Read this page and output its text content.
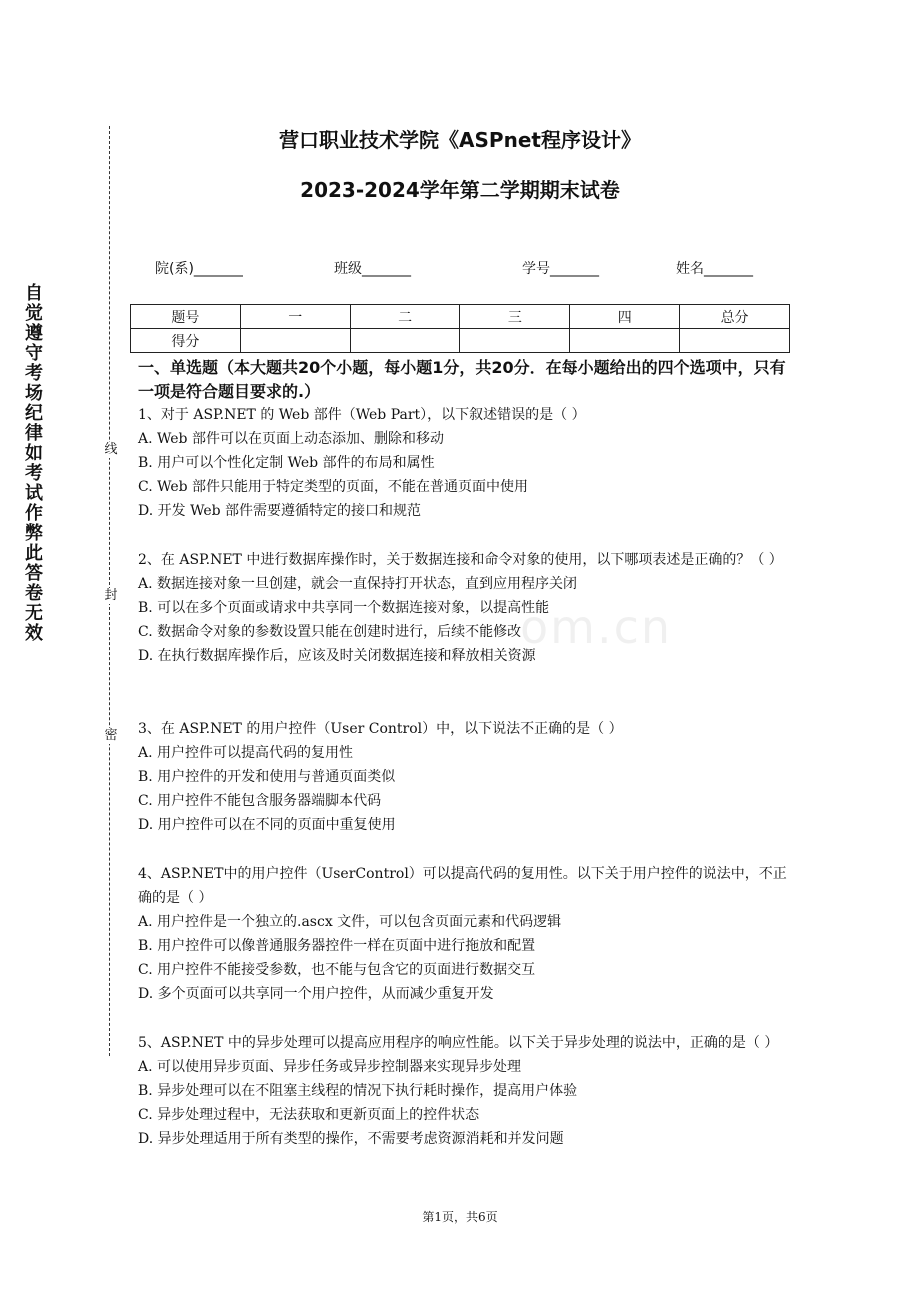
自觉遵守考场纪律如考试作弊此答卷无效
线
封
密
om.cn
营口职业技术学院《ASPnet程序设计》
2023-2024学年第二学期期末试卷
院(系)_______	班级_______	学号_______	姓名_______
题号	一	二	三	四	总分
得分					
一、单选题（本大题共20个小题，每小题1分，共20分．在每小题给出的四个选项中，只有一项是符合题目要求的.）

1、对于 ASP.NET 的 Web 部件（Web Part），以下叙述错误的是（ ）

A. Web 部件可以在页面上动态添加、删除和移动

B. 用户可以个性化定制 Web 部件的布局和属性

C. Web 部件只能用于特定类型的页面，不能在普通页面中使用

D. 开发 Web 部件需要遵循特定的接口和规范

2、在 ASP.NET 中进行数据库操作时，关于数据连接和命令对象的使用，以下哪项表述是正确的？（ ）

A. 数据连接对象一旦创建，就会一直保持打开状态，直到应用程序关闭

B. 可以在多个页面或请求中共享同一个数据连接对象，以提高性能

C. 数据命令对象的参数设置只能在创建时进行，后续不能修改

D. 在执行数据库操作后，应该及时关闭数据连接和释放相关资源

3、在 ASP.NET 的用户控件（User Control）中，以下说法不正确的是（ ）

A. 用户控件可以提高代码的复用性

B. 用户控件的开发和使用与普通页面类似

C. 用户控件不能包含服务器端脚本代码

D. 用户控件可以在不同的页面中重复使用

4、ASP.NET中的用户控件（UserControl）可以提高代码的复用性。以下关于用户控件的说法中，不正确的是（ ）

A. 用户控件是一个独立的.ascx 文件，可以包含页面元素和代码逻辑

B. 用户控件可以像普通服务器控件一样在页面中进行拖放和配置

C. 用户控件不能接受参数，也不能与包含它的页面进行数据交互

D. 多个页面可以共享同一个用户控件，从而减少重复开发

5、ASP.NET 中的异步处理可以提高应用程序的响应性能。以下关于异步处理的说法中，正确的是（ ）

A. 可以使用异步页面、异步任务或异步控制器来实现异步处理

B. 异步处理可以在不阻塞主线程的情况下执行耗时操作，提高用户体验

C. 异步处理过程中，无法获取和更新页面上的控件状态

D. 异步处理适用于所有类型的操作，不需要考虑资源消耗和并发问题

第1页，共6页
